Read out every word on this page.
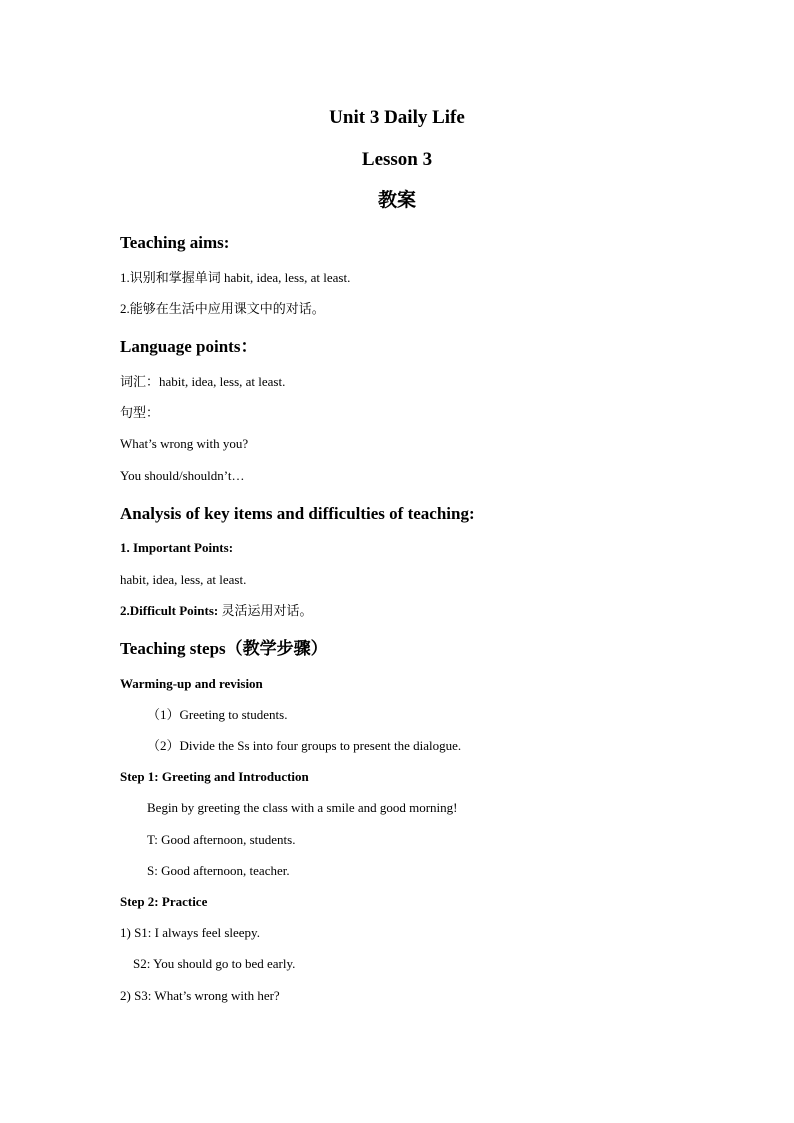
Unit 3 Daily Life
Lesson 3
教案
Teaching aims:
1.识别和掌握单词 habit, idea, less, at least.
2.能够在生活中应用课文中的对话。
Language points：
词汇：habit, idea, less, at least.
句型：
What’s wrong with you?
You should/shouldn’t…
Analysis of key items and difficulties of teaching:
1. Important Points:
habit, idea, less, at least.
2.Difficult Points: 灵活运用对话。
Teaching steps（教学步骤）
Warming-up and revision
（1）Greeting to students.
（2）Divide the Ss into four groups to present the dialogue.
Step 1: Greeting and Introduction
Begin by greeting the class with a smile and good morning!
T: Good afternoon, students.
S: Good afternoon, teacher.
Step 2: Practice
1) S1: I always feel sleepy.
S2: You should go to bed early.
2) S3: What’s wrong with her?
